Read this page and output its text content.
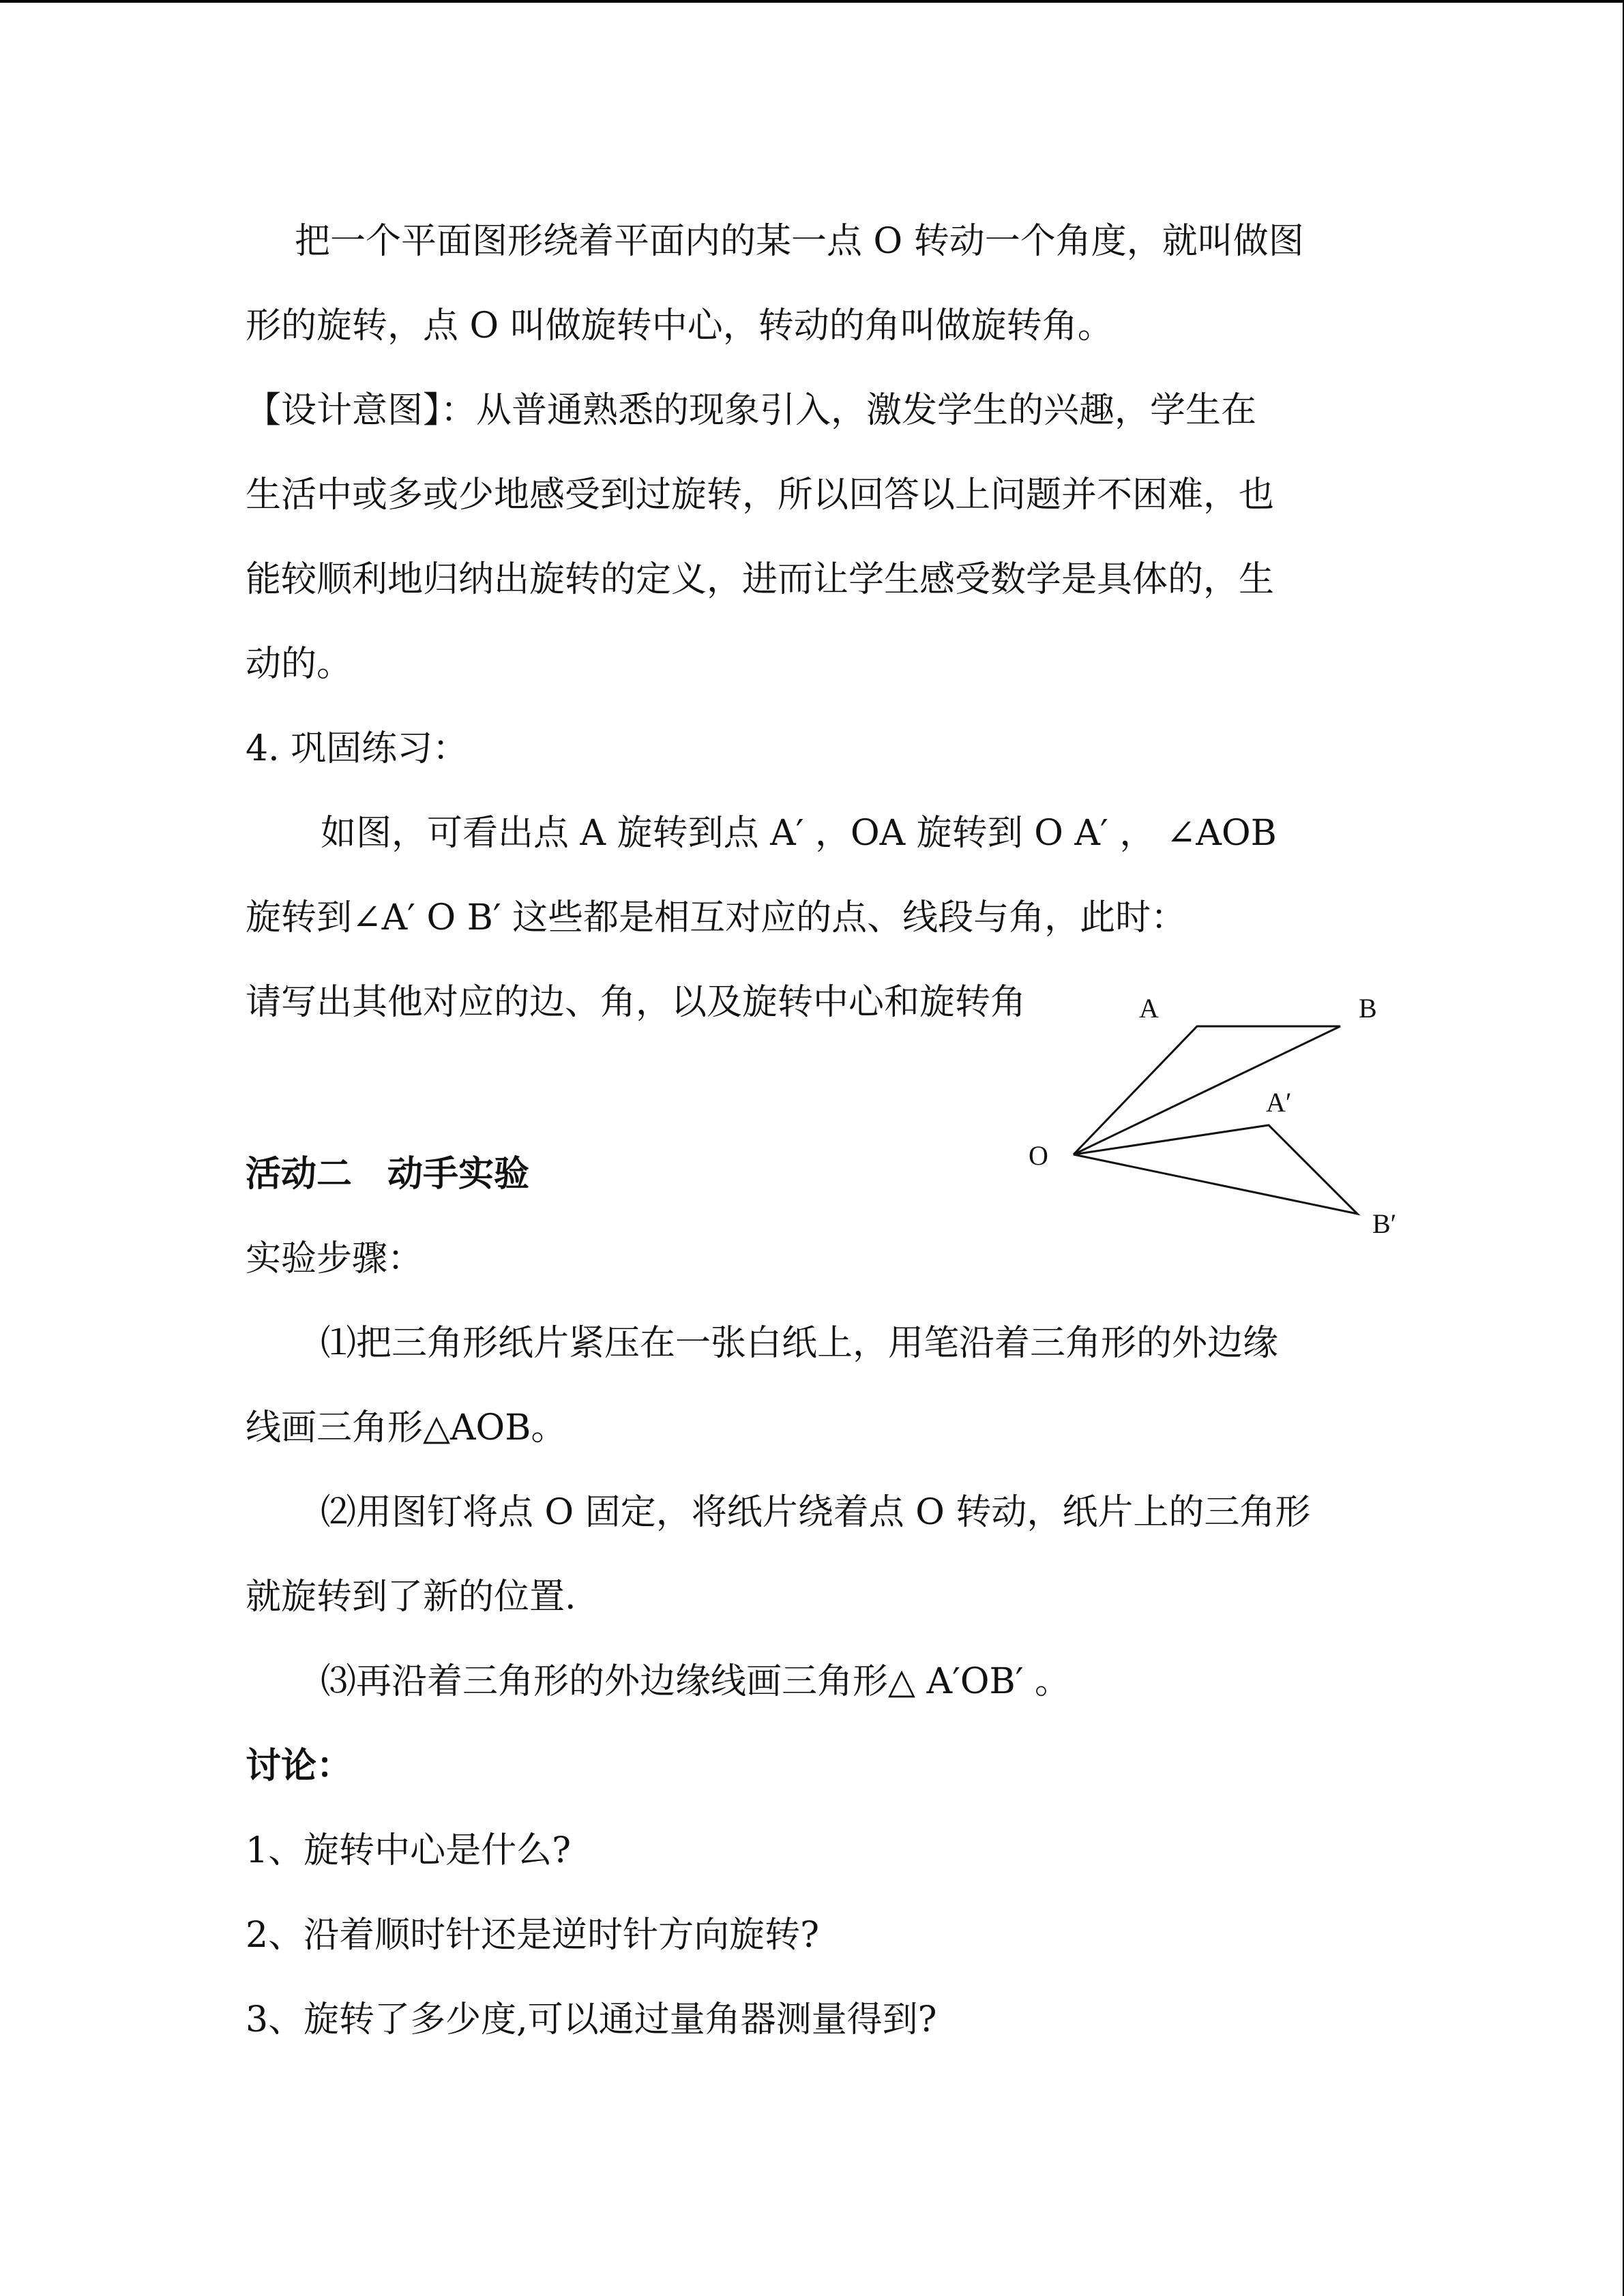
把一个平面图形绕着平面内的某一点 O 转动一个角度，就叫做图
形的旋转，点 O 叫做旋转中心，转动的角叫做旋转角。
【设计意图】：从普通熟悉的现象引入，激发学生的兴趣，学生在
生活中或多或少地感受到过旋转，所以回答以上问题并不困难，也
能较顺利地归纳出旋转的定义，进而让学生感受数学是具体的，生
动的。
4. 巩固练习：
如图，可看出点 A 旋转到点 A′ ，OA 旋转到 O A′ ， ∠AOB
旋转到∠A′ O B′ 这些都是相互对应的点、线段与角，此时：
请写出其他对应的边、角，以及旋转中心和旋转角	A	B
A′
O
B′
活动二　动手实验
实验步骤：
⑴把三角形纸片紧压在一张白纸上，用笔沿着三角形的外边缘
线画三角形△AOB。
⑵用图钉将点 O 固定，将纸片绕着点 O 转动，纸片上的三角形
就旋转到了新的位置.
⑶再沿着三角形的外边缘线画三角形△ A′OB′ 。
讨论：
1、旋转中心是什么?
2、沿着顺时针还是逆时针方向旋转?
3、旋转了多少度,可以通过量角器测量得到?
